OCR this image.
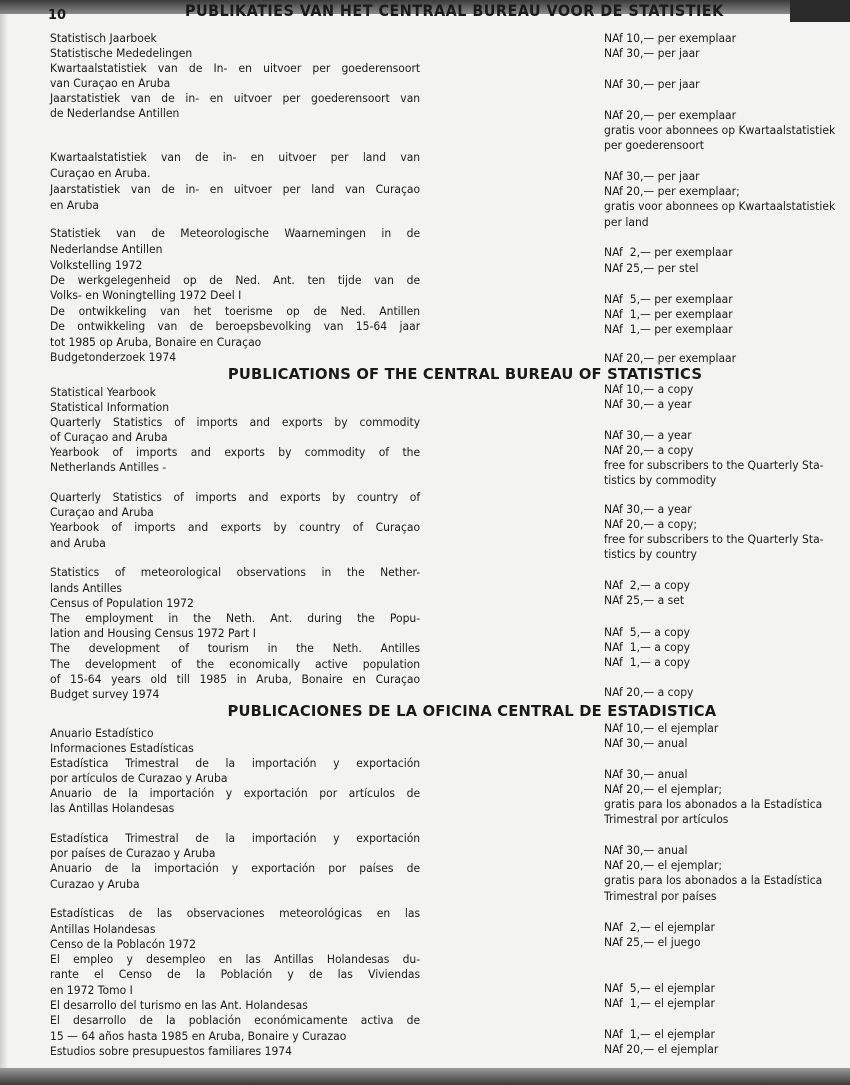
10	PUBLIKATIES VAN HET CENTRAAL BUREAU VOOR DE STATISTIEK
PUBLICATIONS OF THE CENTRAL BUREAU OF STATISTICS
PUBLICACIONES DE LA OFICINA CENTRAL DE ESTADISTICA
Statistisch Jaarboek
Statistische Mededelingen
Kwartaalstatistiek van de In- en uitvoer per goederensoort
van Curaçao en Aruba
Jaarstatistiek van de in- en uitvoer per goederensoort van
de Nederlandse Antillen
Kwartaalstatistiek van de in- en uitvoer per land van
Curaçao en Aruba.
Jaarstatistiek van de in- en uitvoer per land van Curaçao
en Aruba
Statistiek van de Meteorologische Waarnemingen in de
Nederlandse Antillen
Volkstelling 1972
De werkgelegenheid op de Ned. Ant. ten tijde van de
Volks- en Woningtelling 1972 Deel I
De ontwikkeling van het toerisme op de Ned. Antillen
De ontwikkeling van de beroepsbevolking van 15-64 jaar
tot 1985 op Aruba, Bonaire en Curaçao
Budgetonderzoek 1974
NAf 10,— per exemplaar
NAf 30,— per jaar
NAf 30,— per jaar
NAf 20,— per exemplaar
gratis voor abonnees op Kwartaalstatistiek
per goederensoort
NAf 30,— per jaar
NAf 20,— per exemplaar;
gratis voor abonnees op Kwartaalstatistiek
per land
NAf  2,— per exemplaar
NAf 25,— per stel
NAf  5,— per exemplaar
NAf  1,— per exemplaar
NAf  1,— per exemplaar
NAf 20,— per exemplaar
Statistical Yearbook
Statistical Information
Quarterly Statistics of imports and exports by commodity
of Curaçao and Aruba
Yearbook of imports and exports by commodity of the
Netherlands Antilles -
Quarterly Statistics of imports and exports by country of
Curaçao and Aruba
Yearbook of imports and exports by country of Curaçao
and Aruba
Statistics of meteorological observations in the Nether-
lands Antilles
Census of Population 1972
The employment in the Neth. Ant. during the Popu-
lation and Housing Census 1972 Part I
The development of tourism in the Neth. Antilles
The development of the economically active population
of 15-64 years old till 1985 in Aruba, Bonaire en Curaçao
Budget survey 1974
NAf 10,— a copy
NAf 30,— a year
NAf 30,— a year
NAf 20,— a copy
free for subscribers to the Quarterly Sta-
tistics by commodity
NAf 30,— a year
NAf 20,— a copy;
free for subscribers to the Quarterly Sta-
tistics by country
NAf  2,— a copy
NAf 25,— a set
NAf  5,— a copy
NAf  1,— a copy
NAf  1,— a copy
NAf 20,— a copy
Anuario Estadístico
Informaciones Estadísticas
Estadística Trimestral de la importación y exportación
por artículos de Curazao y Aruba
Anuario de la importación y exportación por artículos de
las Antillas Holandesas
Estadística Trimestral de la importación y exportación
por países de Curazao y Aruba
Anuario de la importación y exportación por países de
Curazao y Aruba
Estadísticas de las observaciones meteorológicas en las
Antillas Holandesas
Censo de la Poblacón 1972
El empleo y desempleo en las Antillas Holandesas du-
rante el Censo de la Población y de las Viviendas
en 1972 Tomo I
El desarrollo del turismo en las Ant. Holandesas
El desarrollo de la población económicamente activa de
15 — 64 años hasta 1985 en Aruba, Bonaire y Curazao
Estudios sobre presupuestos familiares 1974
NAf 10,— el ejemplar
NAf 30,— anual
NAf 30,— anual
NAf 20,— el ejemplar;
gratis para los abonados a la Estadística
Trimestral por artículos
NAf 30,— anual
NAf 20,— el ejemplar;
gratis para los abonados a la Estadística
Trimestral por países
NAf  2,— el ejemplar
NAf 25,— el juego
NAf  5,— el ejemplar
NAf  1,— el ejemplar
NAf  1,— el ejemplar
NAf 20,— el ejemplar
